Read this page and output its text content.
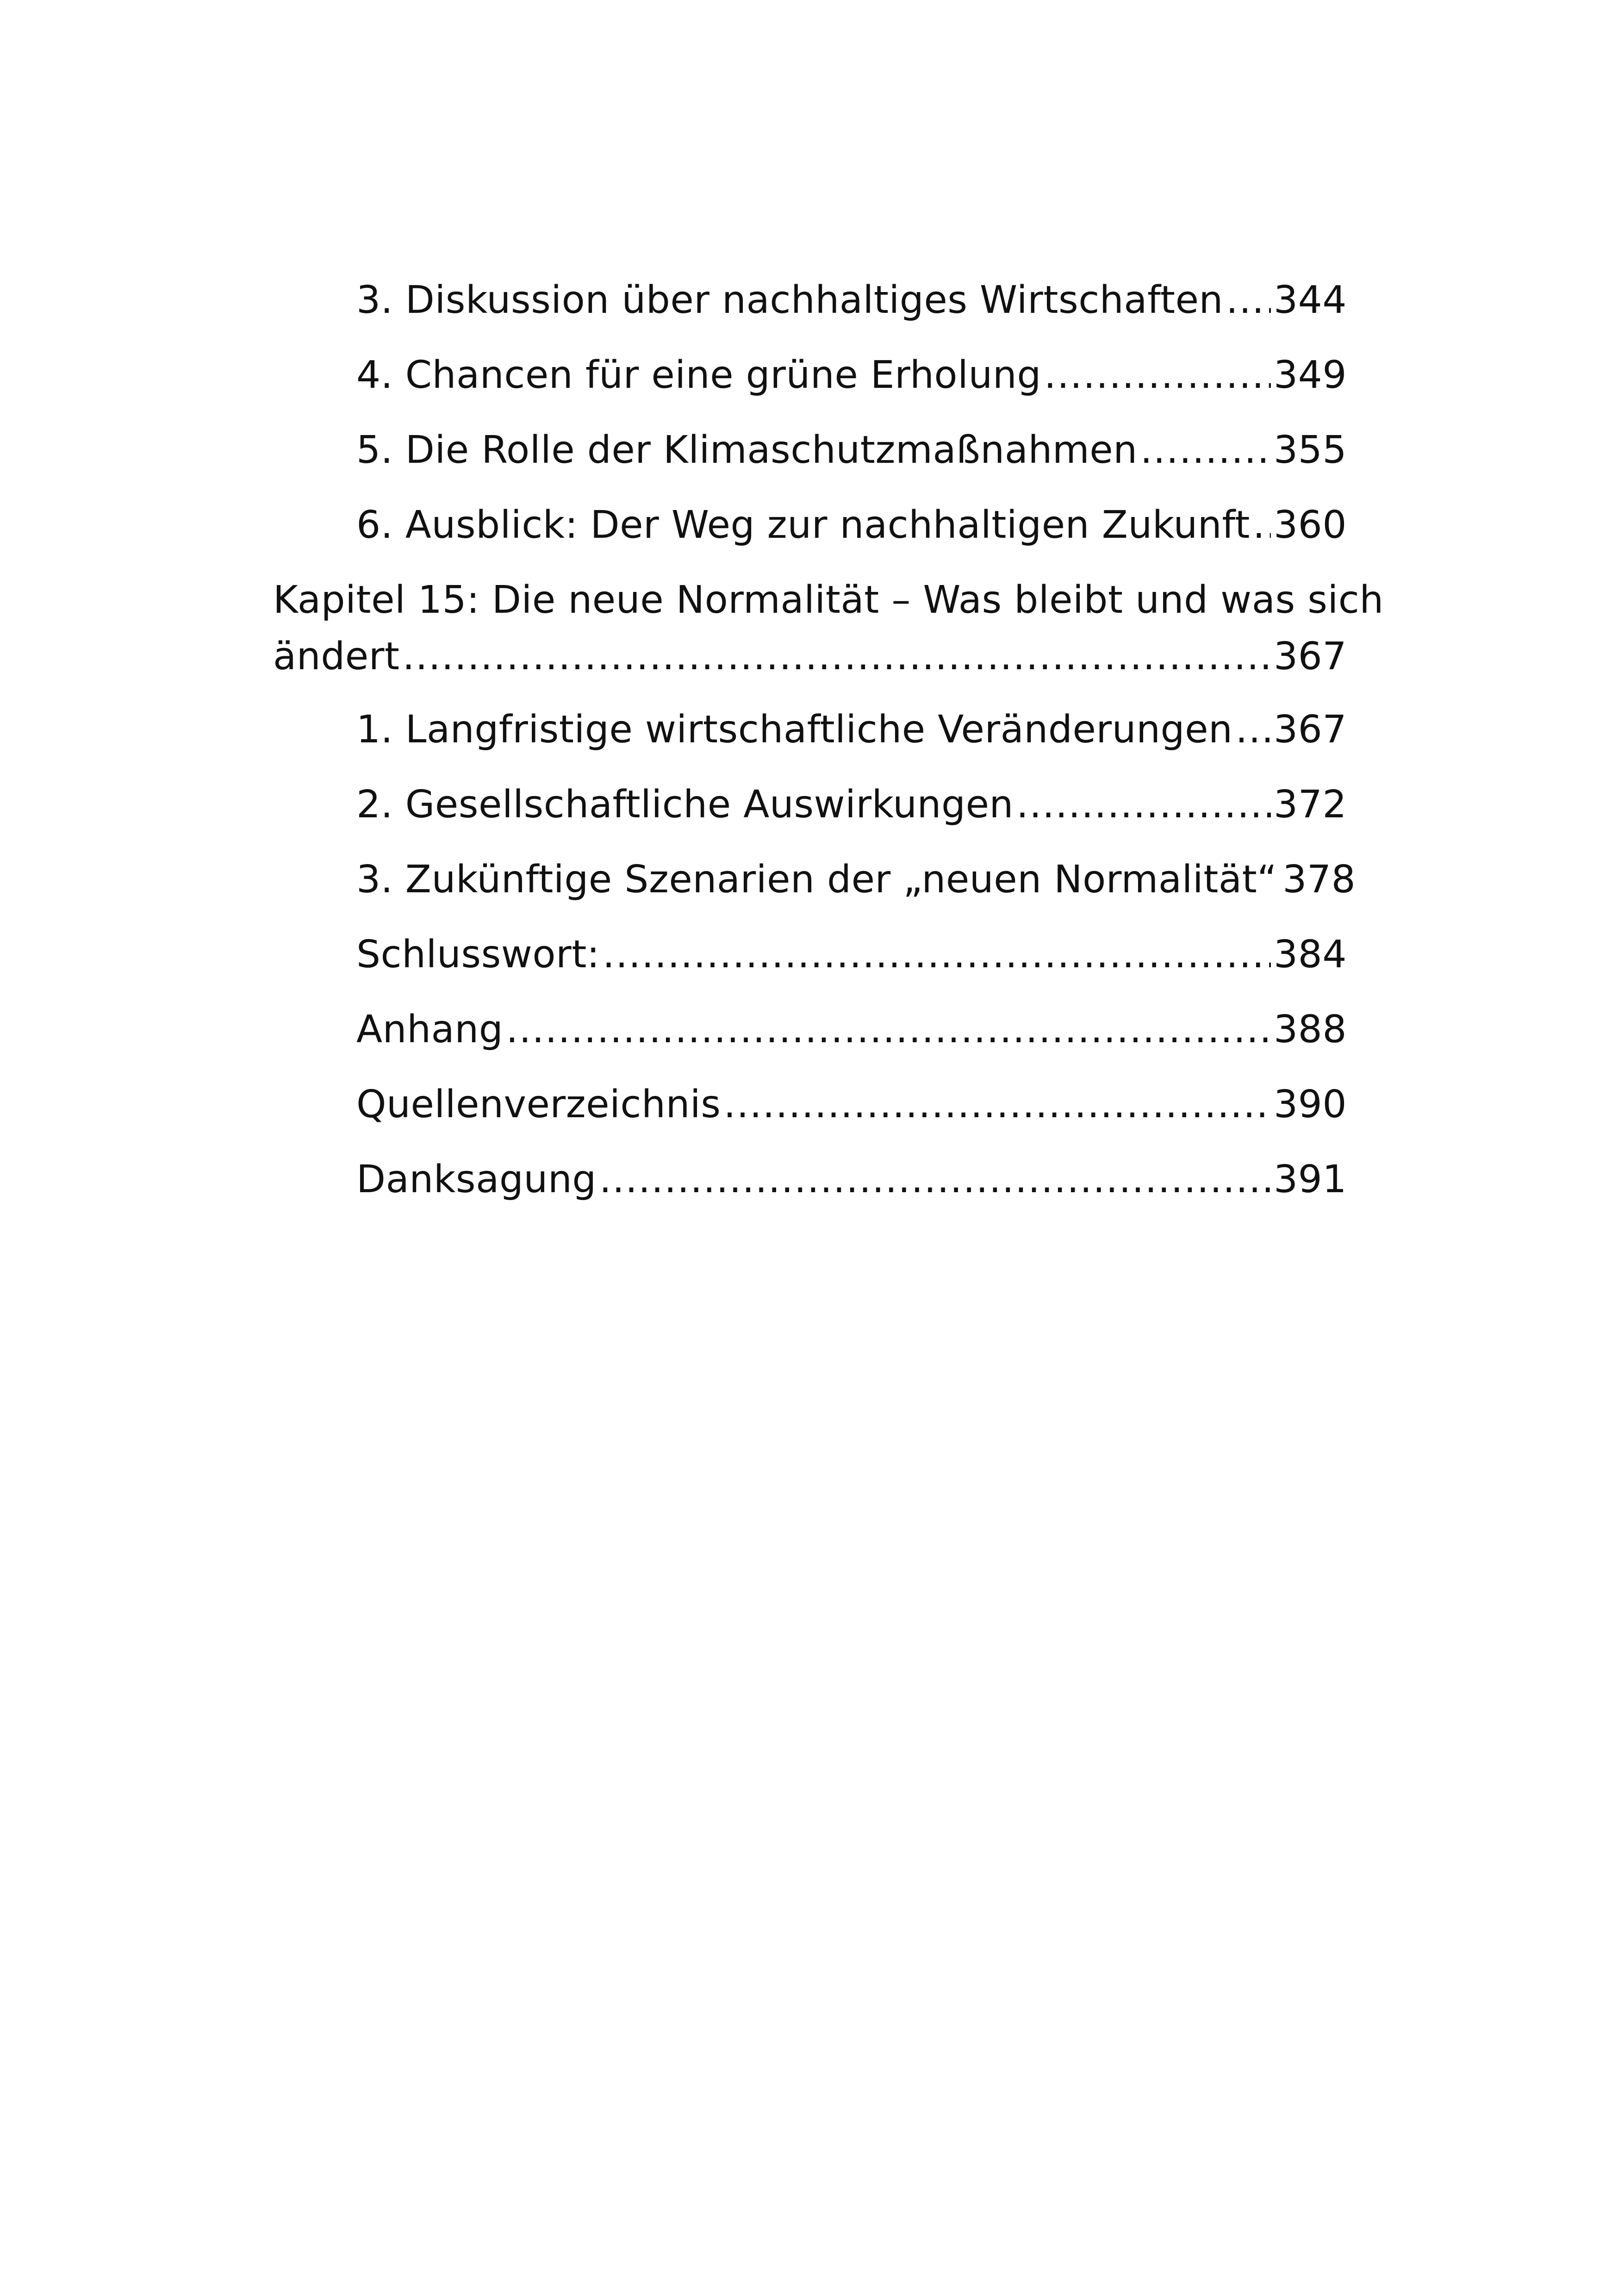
3. Diskussion über nachhaltiges Wirtschaften ..... 344
4. Chancen für eine grüne Erholung .....	349
5. Die Rolle der Klimaschutzmaßnahmen .....	355
6. Ausblick: Der Weg zur nachhaltigen Zukunft ..... 360
Kapitel 15: Die neue Normalität – Was bleibt und was sich
ändert .....	367
1. Langfristige wirtschaftliche Veränderungen ..... 367
2. Gesellschaftliche Auswirkungen .....	372
3. Zukünftige Szenarien der „neuen Normalität“ 378
Schlusswort: .....	384
Anhang .....	388
Quellenverzeichnis .....	390
Danksagung .....	391
